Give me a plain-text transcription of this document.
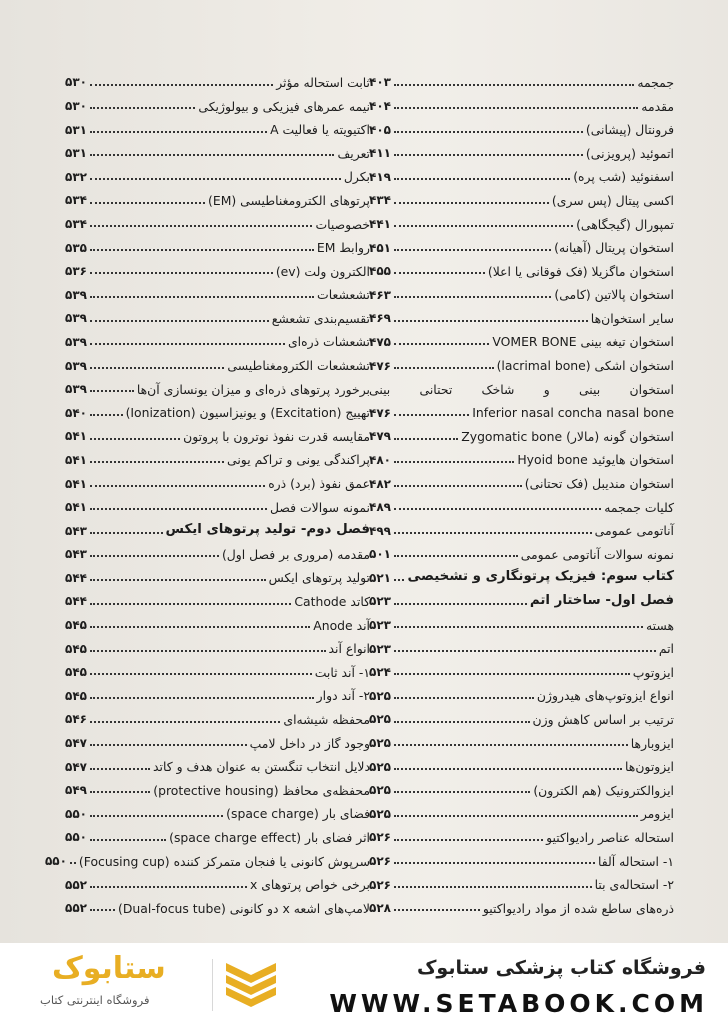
جمجمه
۴۰۳
مقدمه
۴۰۴
فرونتال (پیشانی)
۴۰۵
اتموئید (پرویزنی)
۴۱۱
اسفنوئید (شب پره)
۴۱۹
اکسی پیتال (پس سری)
۴۳۴
تمپورال (گیجگاهی)
۴۴۱
استخوان پریتال (آهیانه)
۴۵۱
استخوان ماگزیلا (فک فوقانی یا اعلا)
۴۵۵
استخوان پالاتین (کامی)
۴۶۳
سایر استخوان‌ها
۴۶۹
استخوان تیغه بینی VOMER BONE
۴۷۵
استخوان اشکی (lacrimal bone)
۴۷۶
استخوان بینی و شاخک تحتانی بینی
Inferior nasal concha nasal bone
۴۷۶
استخوان گونه (مالار) Zygomatic bone
۴۷۹
استخوان هایوئید Hyoid bone
۴۸۰
استخوان مندیبل (فک تحتانی)
۴۸۲
کلیات جمجمه
۴۸۹
آناتومی عمومی
۴۹۹
نمونه سوالات آناتومی عمومی
۵۰۱
کتاب سوم: فیزیک پرتونگاری و تشخیصی
۵۲۱
فصل اول- ساختار اتم
۵۲۳
هسته
۵۲۳
اتم
۵۲۳
ایزوتوپ
۵۲۴
انواع ایزوتوپ‌های هیدروژن
۵۲۵
ترتیب بر اساس کاهش وزن
۵۲۵
ایزوبارها
۵۲۵
ایزوتون‌ها
۵۲۵
ایزوالکترونیک (هم الکترون)
۵۲۵
ایزومر
۵۲۵
استحاله عناصر رادیواکتیو
۵۲۶
۱- استحاله آلفا
۵۲۶
۲- استحاله‌ی بتا
۵۲۶
ذره‌های ساطع شده از مواد رادیواکتیو
۵۲۸
ثابت استحاله مؤثر
۵۳۰
نیمه عمرهای فیزیکی و بیولوژیکی
۵۳۰
اکتیویته یا فعالیت A
۵۳۱
تعریف
۵۳۱
بکرل
۵۳۲
پرتوهای الکترومغناطیسی (EM)
۵۳۴
خصوصیات
۵۳۴
روابط EM
۵۳۵
الکترون ولت (ev)
۵۳۶
تشعشعات
۵۳۹
تقسیم‌بندی تشعشع
۵۳۹
تشعشات ذره‌ای
۵۳۹
تشعشعات الکترومغناطیسی
۵۳۹
برخورد پرتوهای ذره‌ای و میزان یونسازی آن‌ها
۵۳۹
تهییج (Excitation) و یونیزاسیون (Ionization)
۵۴۰
مقایسه قدرت نفوذ نوترون با پروتون
۵۴۱
پراکندگی یونی و تراکم یونی
۵۴۱
عمق نفوذ (برد) ذره
۵۴۱
نمونه سوالات فصل
۵۴۱
فصل دوم- تولید پرتوهای ایکس
۵۴۳
مقدمه (مروری بر فصل اول)
۵۴۳
تولید پرتوهای ایکس
۵۴۴
کاتد Cathode
۵۴۴
آند Anode
۵۴۵
انواع آند
۵۴۵
۱- آند ثابت
۵۴۵
۲- آند دوار
۵۴۵
محفظه شیشه‌ای
۵۴۶
وجود گاز در داخل لامپ
۵۴۷
دلایل انتخاب تنگستن به عنوان هدف و کاتد
۵۴۷
محفظه‌ی محافظ (protective housing)
۵۴۹
فضای بار (space charge)
۵۵۰
اثر فضای بار (space charge effect)
۵۵۰
سرپوش کانونی یا فنجان متمرکز کننده (Focusing cup)
۵۵۰
برخی خواص پرتوهای x
۵۵۲
لامپ‌های اشعه x دو کانونی (Dual-focus tube)
۵۵۲
ستابوک
فروشگاه اینترنتی کتاب
فروشگاه کتاب پزشکی ستابوک
WWW.SETABOOK.COM
